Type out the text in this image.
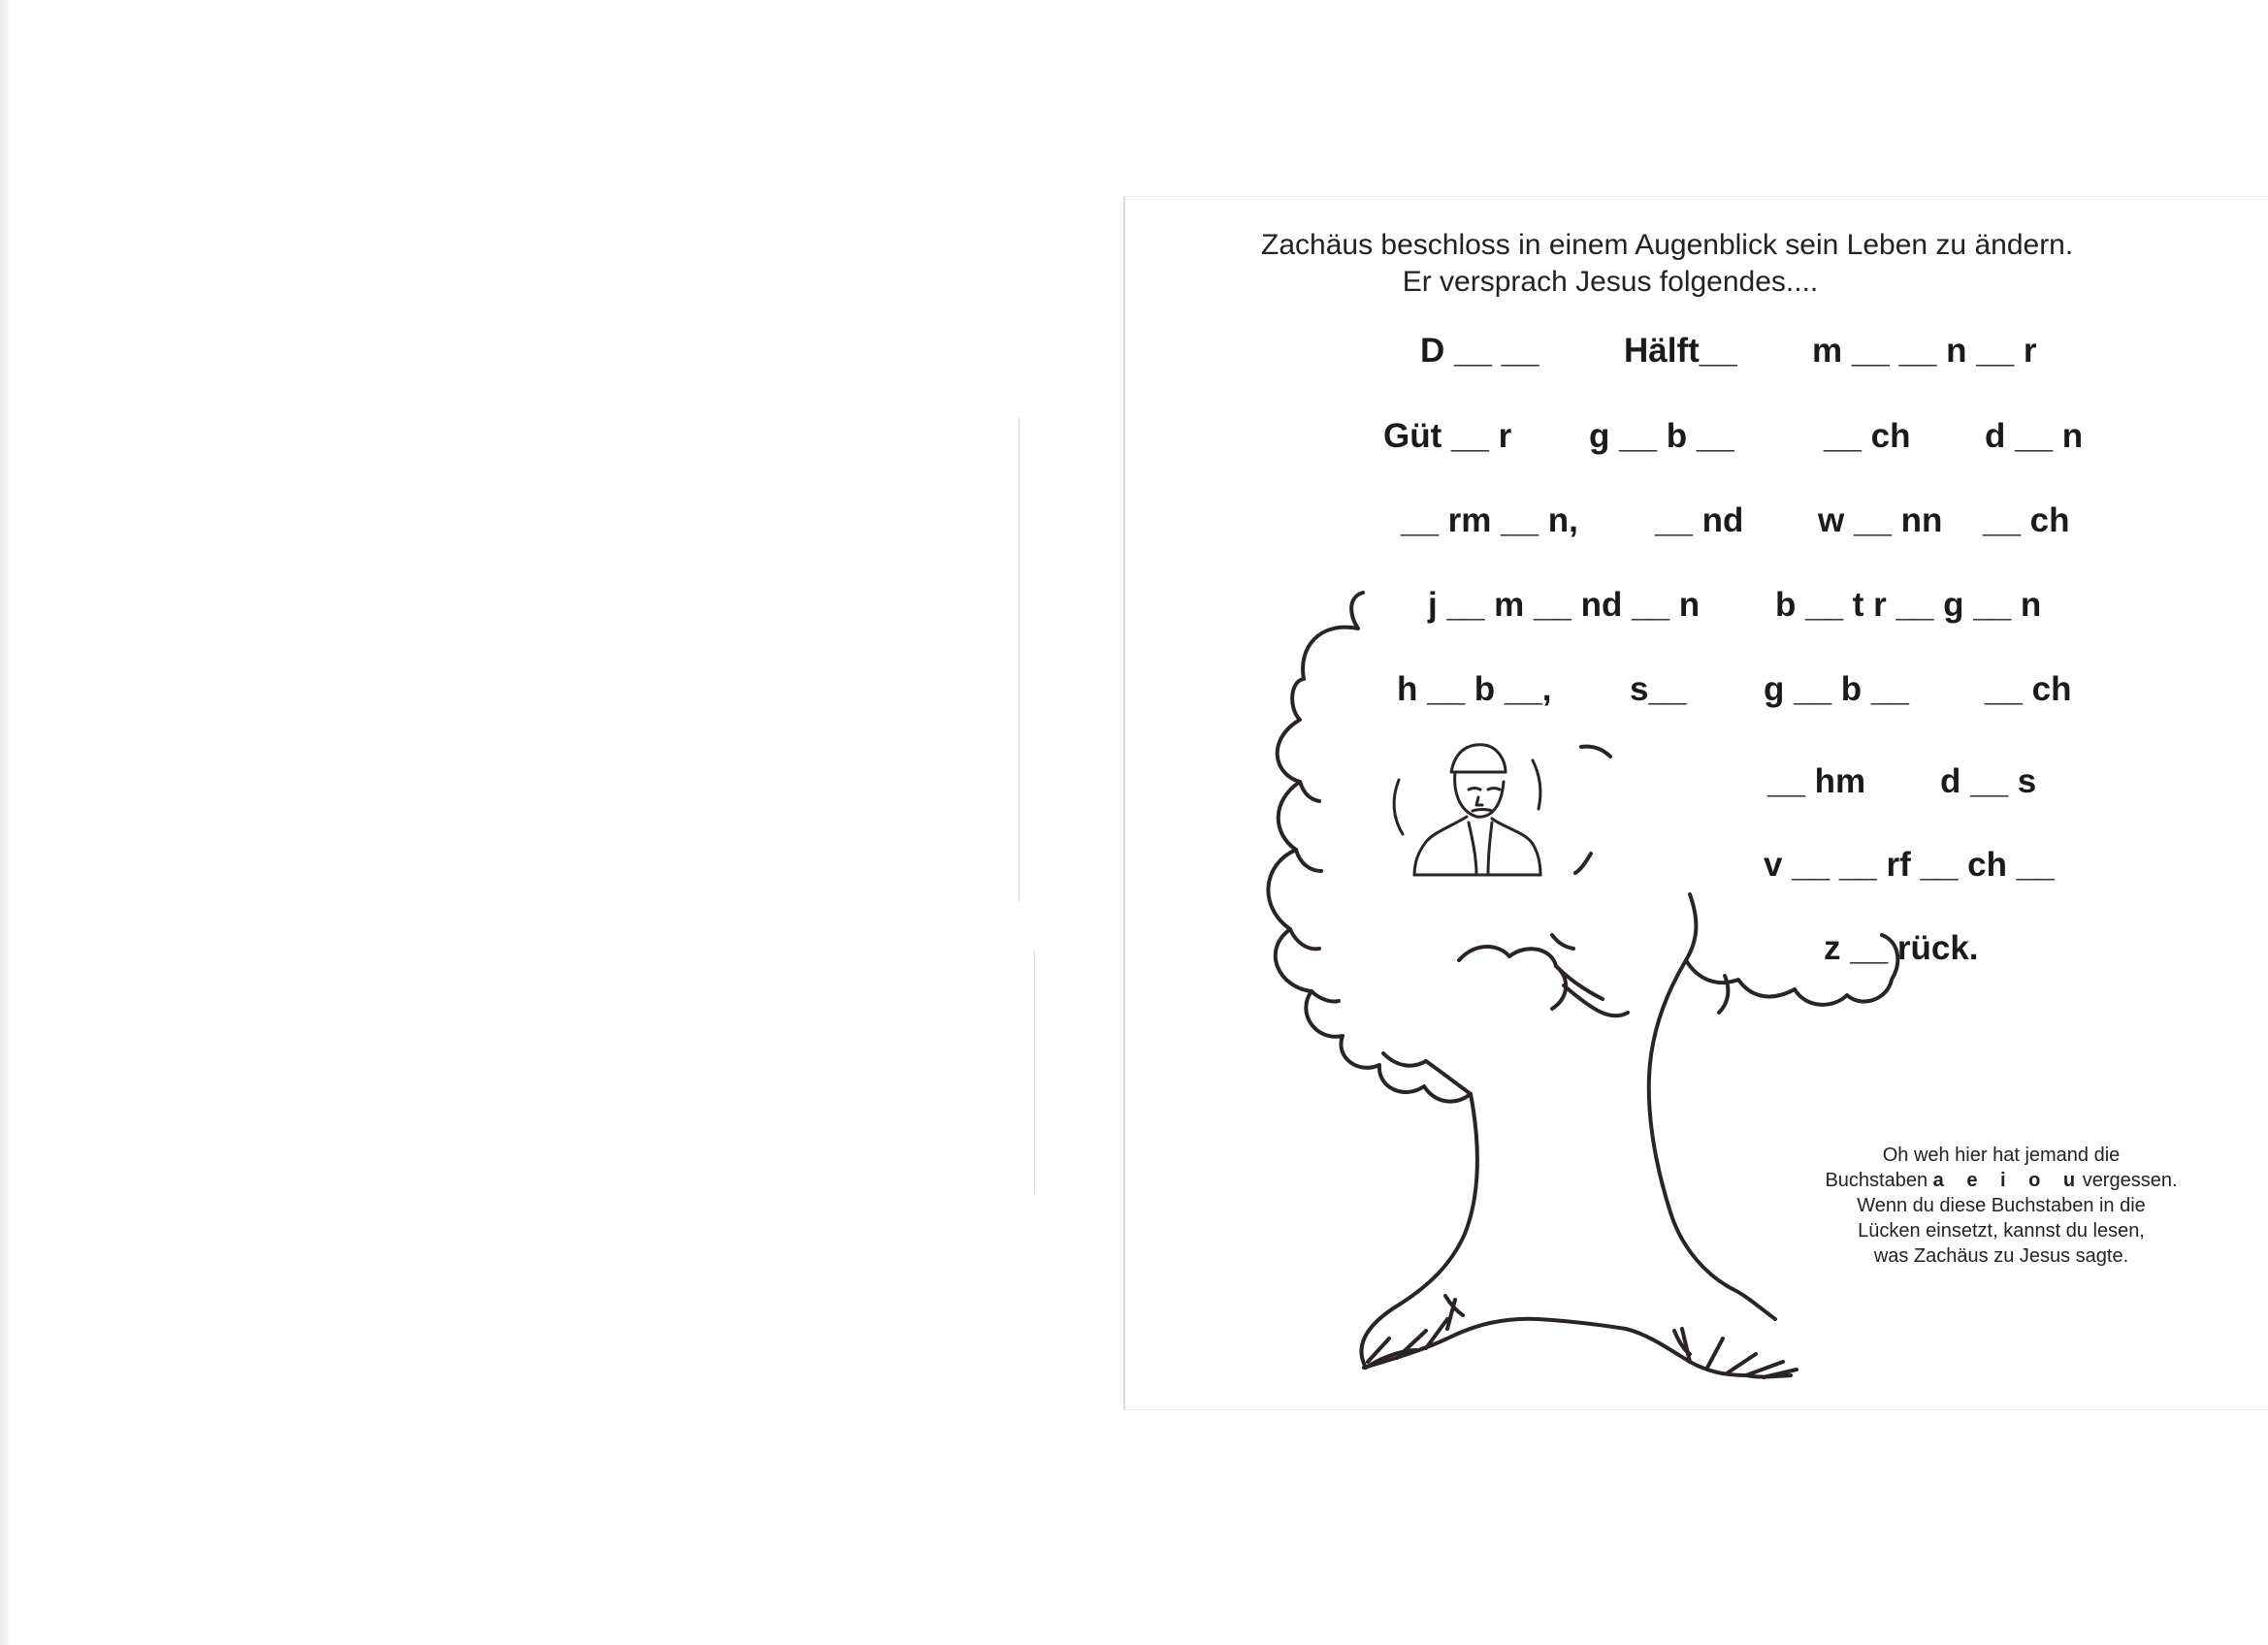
Zachäus beschloss in einem Augenblick sein Leben zu ändern.
Er versprach Jesus folgendes....
D __ __ Hälft__ m __ __ n __ r
Güt __ r g __ b __	__ ch d __ n
__ rm __ n, __ nd w __ nn __ ch
j __ m __ nd __ n b __ t r __ g __ n
h __ b __, s__ g __ b __ __ ch
__ hm d __ s
v __ __ rf __ ch __
z __ rück.
Oh weh hier hat jemand die
Buchstaben a e i o u vergessen.
Wenn du diese Buchstaben in die
Lücken einsetzt, kannst du lesen,
was Zachäus zu Jesus sagte.
